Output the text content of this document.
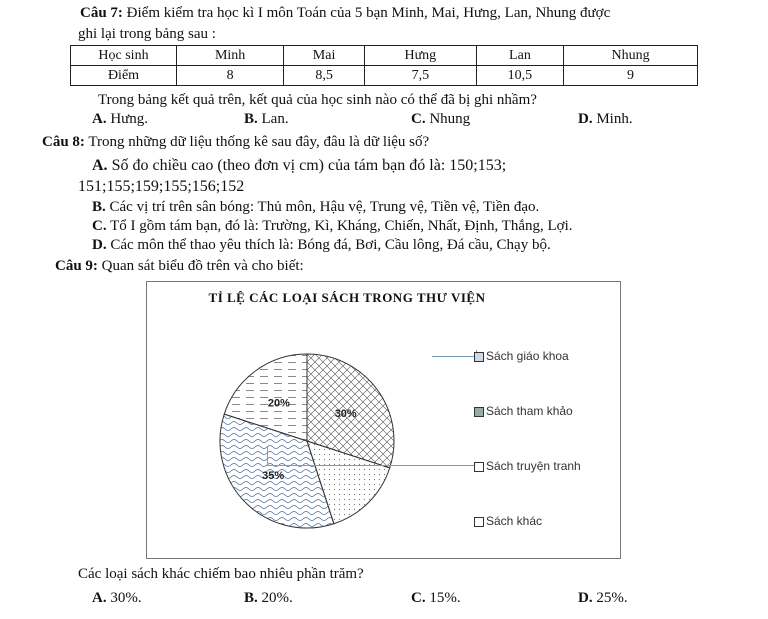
Câu 7: Điểm kiểm tra học kì I môn Toán của 5 bạn Minh, Mai, Hưng, Lan, Nhung được
ghi lại trong bảng sau :
Học sinh	Minh	Mai	Hưng	Lan	Nhung
Điểm	8	8,5	7,5	10,5	9
Trong bảng kết quả trên, kết quả của học sinh nào có thể đã bị ghi nhầm?
A. Hưng.	B. Lan.	C. Nhung	D. Minh.
Câu 8: Trong những dữ liệu thống kê sau đây, đâu là dữ liệu số?
A. Số đo chiều cao (theo đơn vị cm) của tám bạn đó là: 150;153;
151;155;159;155;156;152
B. Các vị trí trên sân bóng: Thủ môn, Hậu vệ, Trung vệ, Tiền vệ, Tiền đạo.
C. Tổ I gồm tám bạn, đó là: Trường, Kì, Kháng, Chiến, Nhất, Định, Thắng, Lợi.
D. Các môn thể thao yêu thích là: Bóng đá, Bơi, Cầu lông, Đá cầu, Chạy bộ.
Câu 9: Quan sát biểu đồ trên và cho biết:
TỈ LỆ CÁC LOẠI SÁCH TRONG THƯ VIỆN
30%
35%
20%
Sách giáo khoa
Sách tham khảo
Sách truyện tranh
Sách khác
Các loại sách khác chiếm bao nhiêu phần trăm?
A. 30%.	B. 20%.	C. 15%.	D. 25%.
